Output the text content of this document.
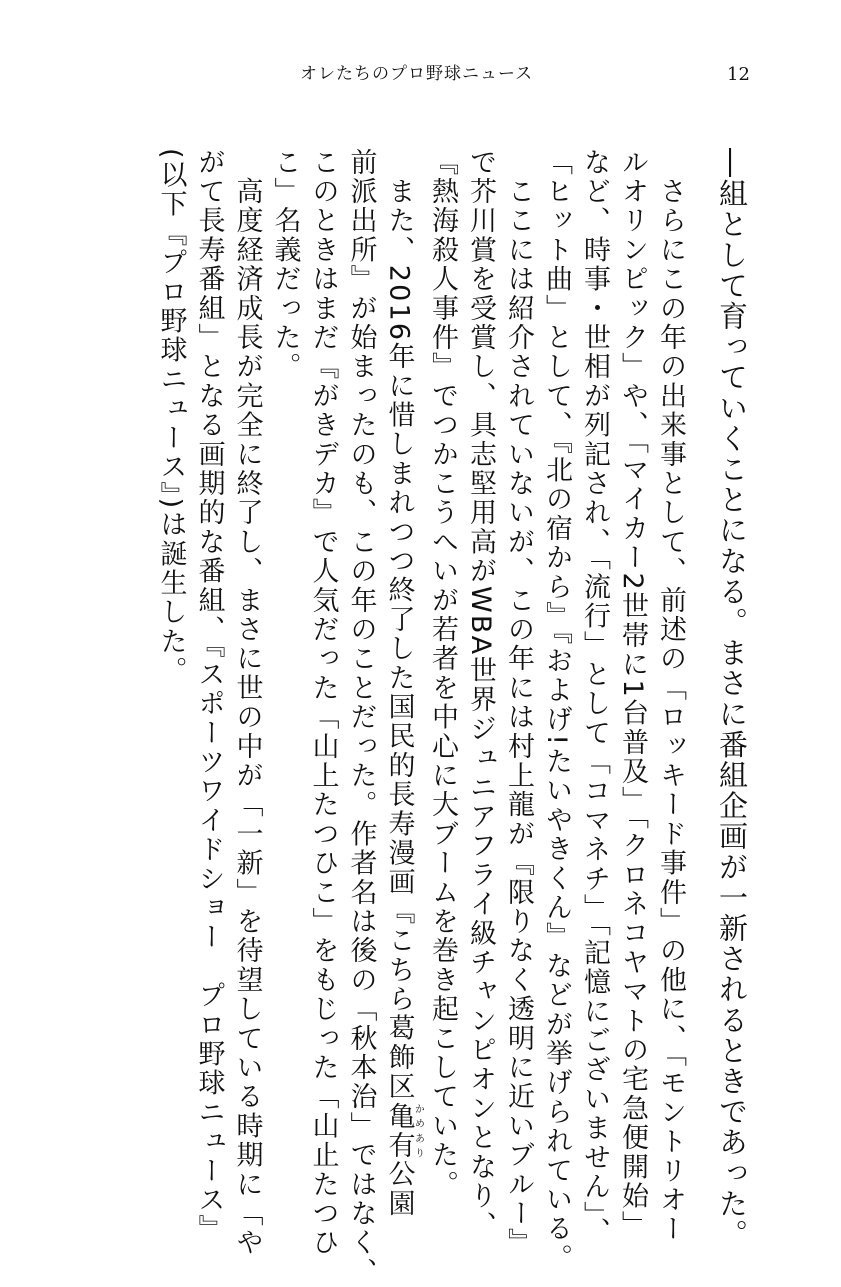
オレたちのプロ野球ニュース	12
―組として育っていくことになる。まさに番組企画が一新されるときであった。
　さらにこの年の出来事として、前述の「ロッキード事件」の他に、「モントリオー
ルオリンピック」や、「マイカー2世帯に1台普及」「クロネコヤマトの宅急便開始」
など、時事・世相が列記され、「流行」として「コマネチ」「記憶にございません」、
「ヒット曲」として、『北の宿から』『およげ!たいやきくん』などが挙げられている。
　ここには紹介されていないが、この年には村上龍が『限りなく透明に近いブルー』
で芥川賞を受賞し、具志堅用高がWBA世界ジュニアフライ級チャンピオンとなり、
『熱海殺人事件』でつかこうへいが若者を中心に大ブームを巻き起こしていた。
　また、2016年に惜しまれつつ終了した国民的長寿漫画『こちら葛飾区亀有かめあり公園
前派出所』が始まったのも、この年のことだった。作者名は後の「秋本治」ではなく、
このときはまだ『がきデカ』で人気だった「山上たつひこ」をもじった「山止たつひ
こ」名義だった。
　高度経済成長が完全に終了し、まさに世の中が「一新」を待望している時期に「や
がて長寿番組」となる画期的な番組、『スポーツワイドショー　プロ野球ニュース』
(以下『プロ野球ニュース』)は誕生した。
